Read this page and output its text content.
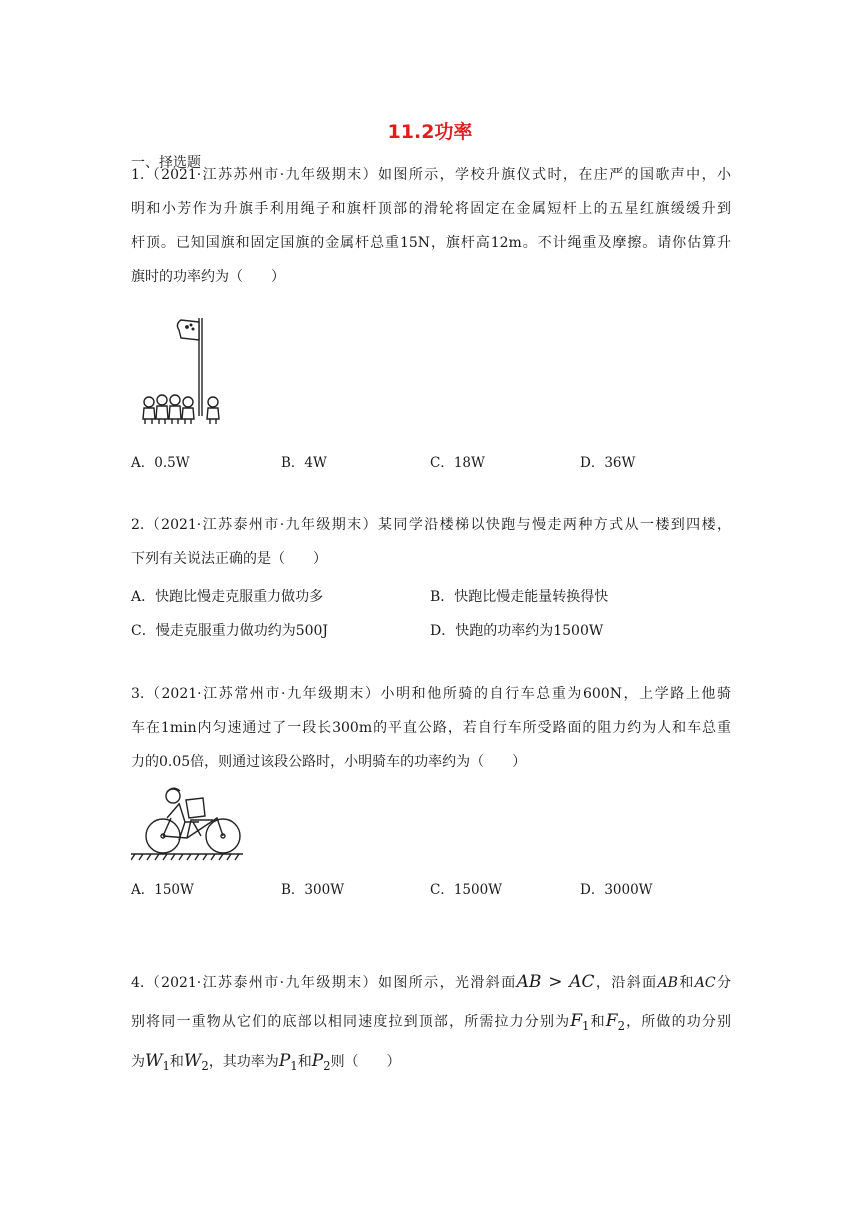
11.2功率
一、择选题
1.（2021·江苏苏州市·九年级期末）如图所示，学校升旗仪式时，在庄严的国歌声中，小
明和小芳作为升旗手利用绳子和旗杆顶部的滑轮将固定在金属短杆上的五星红旗缓缓升到
杆顶。已知国旗和固定国旗的金属杆总重15N，旗杆高12m。不计绳重及摩擦。请你估算升
旗时的功率约为（　　）
A．0.5W	B．4W	C．18W	D．36W
2.（2021·江苏泰州市·九年级期末）某同学沿楼梯以快跑与慢走两种方式从一楼到四楼，
下列有关说法正确的是（　　）
A．快跑比慢走克服重力做功多	B．快跑比慢走能量转换得快
C．慢走克服重力做功约为500J	D．快跑的功率约为1500W
3.（2021·江苏常州市·九年级期末）小明和他所骑的自行车总重为600N，上学路上他骑
车在1min内匀速通过了一段长300m的平直公路，若自行车所受路面的阻力约为人和车总重
力的0.05倍，则通过该段公路时，小明骑车的功率约为（　　）
A．150W	B．300W	C．1500W	D．3000W
4.（2021·江苏泰州市·九年级期末）如图所示，光滑斜面AB > AC，沿斜面AB和AC分
别将同一重物从它们的底部以相同速度拉到顶部，所需拉力分别为$F_1$和$F_2$，所做的功分别
为$W_1$和$W_2$，其功率为$P_1$和$P_2$则（　　）
